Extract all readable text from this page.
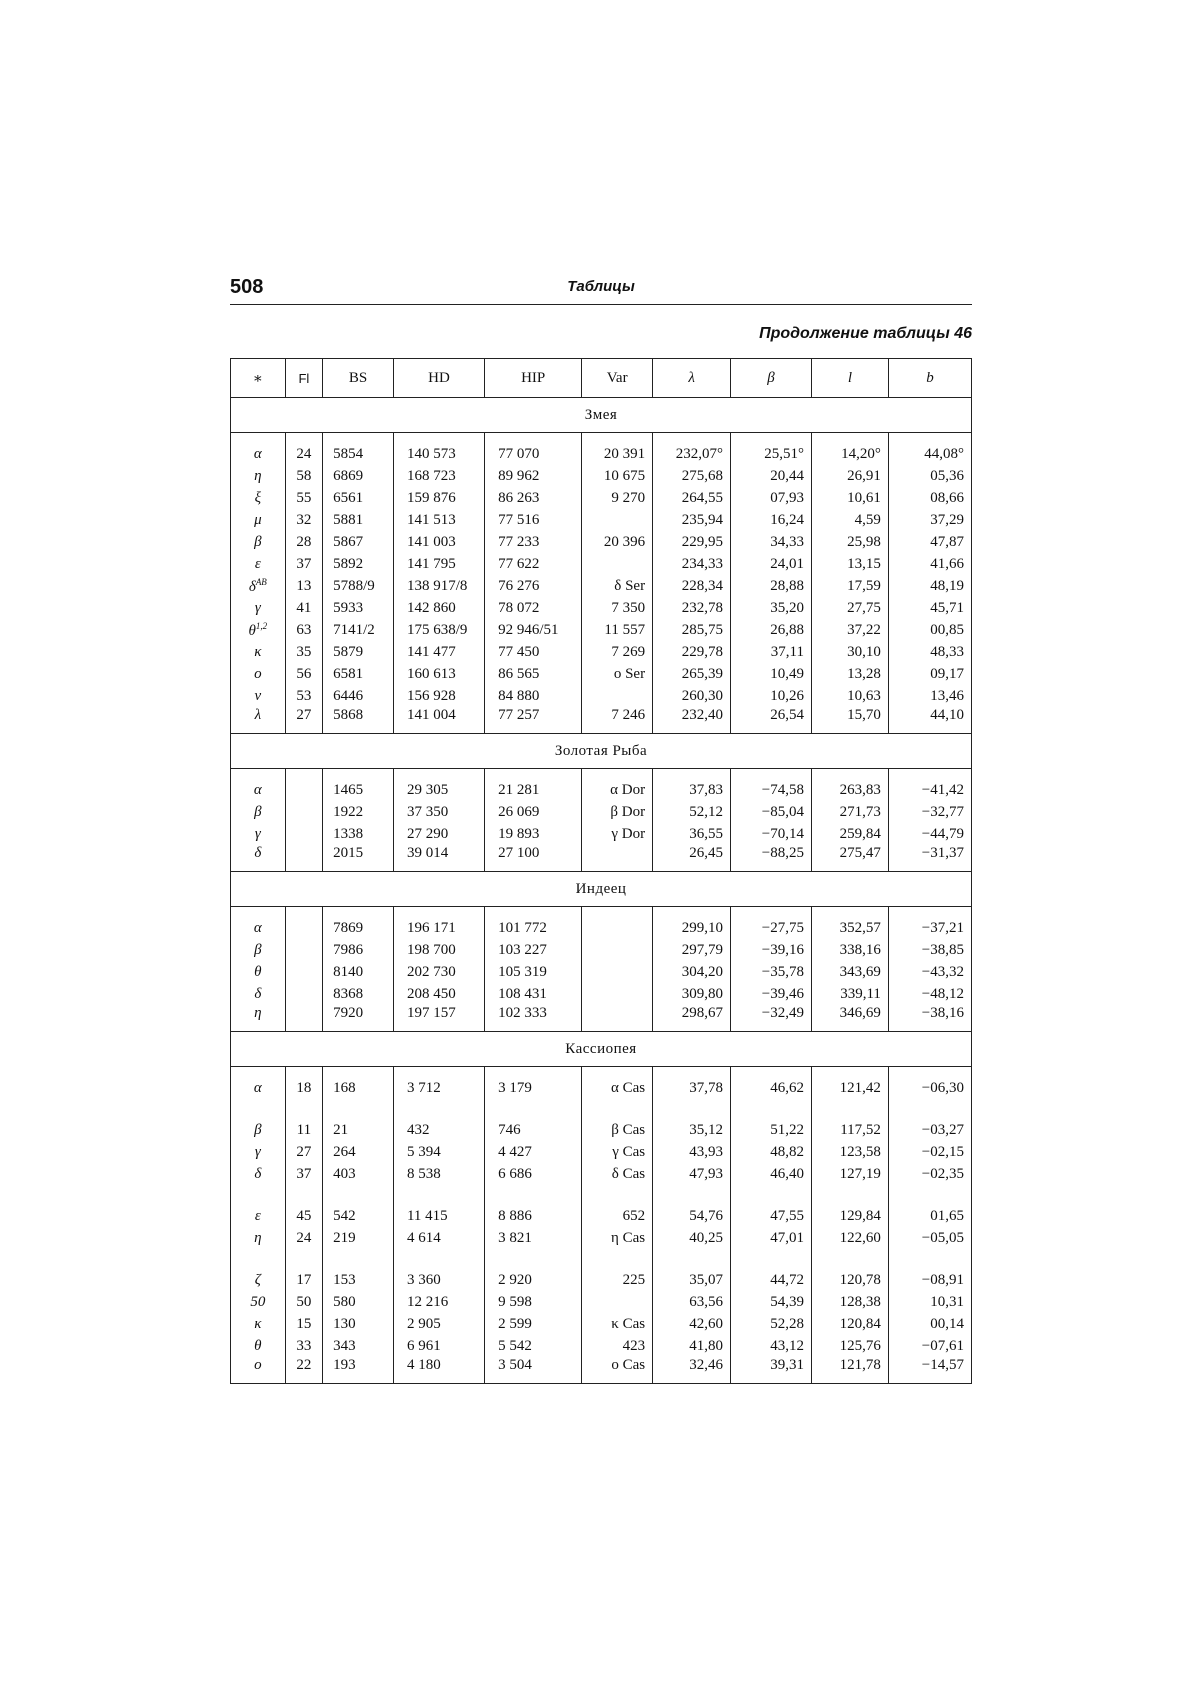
508	Таблицы
Продолжение таблицы 46
∗	Fl	BS	HD	HIP	Var	λ	β	l	b
Змея									

α	24	5854	140 573	77 070	20 391	232,07°	25,51°	14,20°	44,08°
η	58	6869	168 723	89 962	10 675	275,68	20,44	26,91	05,36
ξ	55	6561	159 876	86 263	9 270	264,55	07,93	10,61	08,66
μ	32	5881	141 513	77 516		235,94	16,24	4,59	37,29
β	28	5867	141 003	77 233	20 396	229,95	34,33	25,98	47,87
ε	37	5892	141 795	77 622		234,33	24,01	13,15	41,66
$\delta^{AB}$	13	5788/9	138 917/8	76 276	δ Ser	228,34	28,88	17,59	48,19
γ	41	5933	142 860	78 072	7 350	232,78	35,20	27,75	45,71
$\theta^{1,2}$	63	7141/2	175 638/9	92 946/51	11 557	285,75	26,88	37,22	00,85
κ	35	5879	141 477	77 450	7 269	229,78	37,11	30,10	48,33
o	56	6581	160 613	86 565	o Ser	265,39	10,49	13,28	09,17
ν	53	6446	156 928	84 880		260,30	10,26	10,63	13,46
λ	27	5868	141 004	77 257	7 246	232,40	26,54	15,70	44,10
Золотая Рыба									

α		1465	29 305	21 281	α Dor	37,83	−74,58	263,83	−41,42
β		1922	37 350	26 069	β Dor	52,12	−85,04	271,73	−32,77
γ		1338	27 290	19 893	γ Dor	36,55	−70,14	259,84	−44,79
δ		2015	39 014	27 100		26,45	−88,25	275,47	−31,37
Индеец									

α		7869	196 171	101 772		299,10	−27,75	352,57	−37,21
β		7986	198 700	103 227		297,79	−39,16	338,16	−38,85
θ		8140	202 730	105 319		304,20	−35,78	343,69	−43,32
δ		8368	208 450	108 431		309,80	−39,46	339,11	−48,12
η		7920	197 157	102 333		298,67	−32,49	346,69	−38,16
Кассиопея									

α	18	168	3 712	3 179	α Cas	37,78	46,62	121,42	−06,30

β	11	21	432	746	β Cas	35,12	51,22	117,52	−03,27
γ	27	264	5 394	4 427	γ Cas	43,93	48,82	123,58	−02,15
δ	37	403	8 538	6 686	δ Cas	47,93	46,40	127,19	−02,35

ε	45	542	11 415	8 886	652	54,76	47,55	129,84	01,65
η	24	219	4 614	3 821	η Cas	40,25	47,01	122,60	−05,05

ζ	17	153	3 360	2 920	225	35,07	44,72	120,78	−08,91
50	50	580	12 216	9 598		63,56	54,39	128,38	10,31
κ	15	130	2 905	2 599	κ Cas	42,60	52,28	120,84	00,14
θ	33	343	6 961	5 542	423	41,80	43,12	125,76	−07,61
o	22	193	4 180	3 504	o Cas	32,46	39,31	121,78	−14,57
